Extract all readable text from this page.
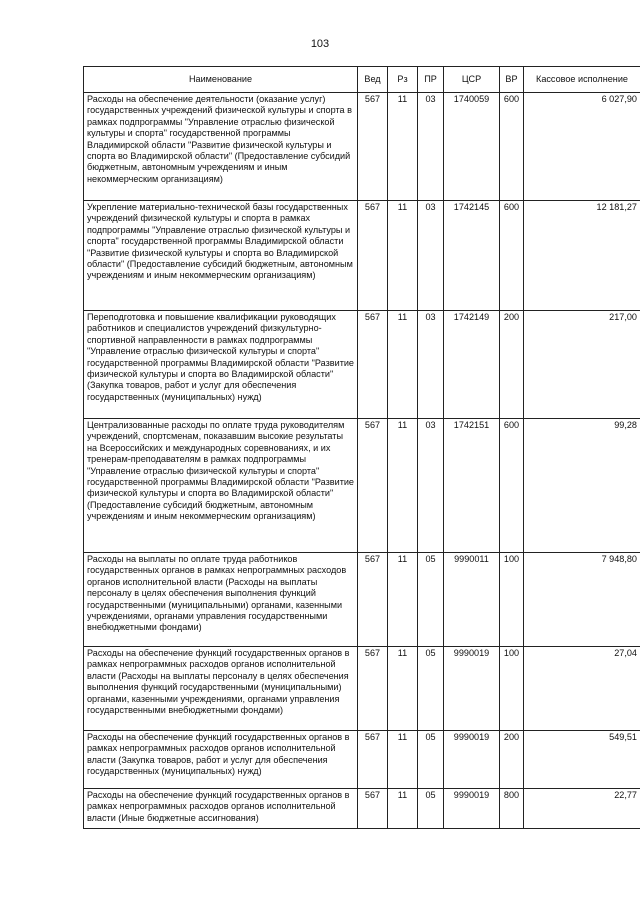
103
Наименование	Вед	Рз	ПР	ЦСР	ВР	Кассовое исполнение
Расходы на обеспечение деятельности (оказание услуг) государственных учреждений физической культуры и спорта в рамках подпрограммы "Управление отраслью физической культуры и спорта" государственной программы Владимирской области "Развитие физической культуры и спорта во Владимирской области" (Предоставление субсидий бюджетным, автономным учреждениям и иным некоммерческим организациям)	567	11	03	1740059	600	6 027,90
Укрепление материально-технической базы государственных учреждений физической культуры и спорта в рамках подпрограммы "Управление отраслью физической культуры и спорта" государственной программы Владимирской области "Развитие физической культуры и спорта во Владимирской области" (Предоставление субсидий бюджетным, автономным учреждениям и иным некоммерческим организациям)	567	11	03	1742145	600	12 181,27
Переподготовка и повышение квалификации руководящих работников и специалистов учреждений физкультурно-спортивной направленности в рамках подпрограммы "Управление отраслью физической культуры и спорта" государственной программы Владимирской области "Развитие физической культуры и спорта во Владимирской области" (Закупка товаров, работ и услуг для обеспечения государственных (муниципальных) нужд)	567	11	03	1742149	200	217,00
Централизованные расходы по оплате труда руководителям учреждений, спортсменам, показавшим высокие результаты на Всероссийских и международных соревнованиях, и их тренерам-преподавателям в рамках подпрограммы "Управление отраслью физической культуры и спорта" государственной программы Владимирской области "Развитие физической культуры и спорта во Владимирской области" (Предоставление субсидий бюджетным, автономным учреждениям и иным некоммерческим организациям)	567	11	03	1742151	600	99,28
Расходы на выплаты по оплате труда работников государственных органов в рамках непрограммных расходов органов исполнительной власти (Расходы на выплаты персоналу в целях обеспечения выполнения функций государственными (муниципальными) органами, казенными учреждениями, органами управления государственными внебюджетными фондами)	567	11	05	9990011	100	7 948,80
Расходы на обеспечение функций государственных органов в рамках непрограммных расходов органов исполнительной власти (Расходы на выплаты персоналу в целях обеспечения выполнения функций государственными (муниципальными) органами, казенными учреждениями, органами управления государственными внебюджетными фондами)	567	11	05	9990019	100	27,04
Расходы на обеспечение функций государственных органов в рамках непрограммных расходов органов исполнительной власти (Закупка товаров, работ и услуг для обеспечения государственных (муниципальных) нужд)	567	11	05	9990019	200	549,51
Расходы на обеспечение функций государственных органов в рамках непрограммных расходов органов исполнительной власти (Иные бюджетные ассигнования)	567	11	05	9990019	800	22,77
